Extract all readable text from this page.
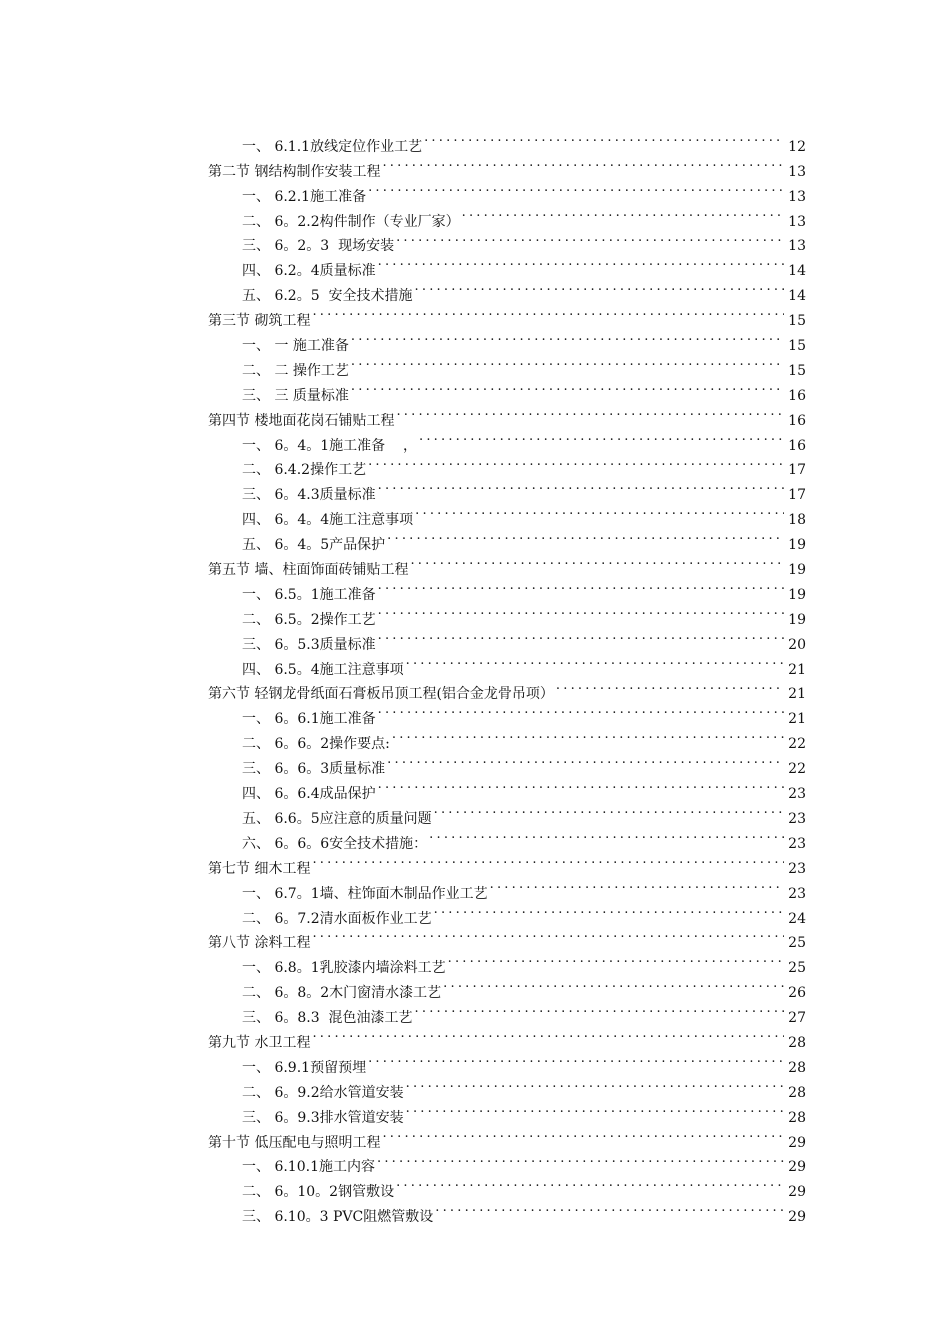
一、 6.1.1放线定位作业工艺 .....	12
第二节 钢结构制作安装工程 .....	13
一、 6.2.1施工准备 .....	13
二、 6。2.2构件制作（专业厂家） .....	13
三、 6。2。3  现场安装 .....	13
四、 6.2。4质量标准 .....	14
五、 6.2。5  安全技术措施 .....	14
第三节 砌筑工程 .....	15
一、 一 施工准备 .....	15
二、 二 操作工艺 .....	15
三、 三 质量标准 .....	16
第四节 楼地面花岗石铺贴工程 .....	16
一、 6。4。1施工准备    ， .....	16
二、 6.4.2操作工艺 .....	17
三、 6。4.3质量标准 .....	17
四、 6。4。4施工注意事项 .....	18
五、 6。4。5产品保护 .....	19
第五节 墙、柱面饰面砖铺贴工程 .....	19
一、 6.5。1施工准备 .....	19
二、 6.5。2操作工艺 .....	19
三、 6。5.3质量标准 .....	20
四、 6.5。4施工注意事项 .....	21
第六节 轻钢龙骨纸面石膏板吊顶工程(铝合金龙骨吊项） .....	21
一、 6。6.1施工准备 .....	21
二、 6。6。2操作要点: .....	22
三、 6。6。3质量标准 .....	22
四、 6。6.4成品保护 .....	23
五、 6.6。5应注意的质量问题 .....	23
六、 6。6。6安全技术措施： .....	23
第七节 细木工程 .....	23
一、 6.7。1墙、柱饰面木制品作业工艺 .....	23
二、 6。7.2清水面板作业工艺 .....	24
第八节 涂料工程 .....	25
一、 6.8。1乳胶漆内墙涂料工艺 .....	25
二、 6。8。2木门窗清水漆工艺 .....	26
三、 6。8.3  混色油漆工艺 .....	27
第九节 水卫工程 .....	28
一、 6.9.1预留预埋 .....	28
二、 6。9.2给水管道安装 .....	28
三、 6。9.3排水管道安装 .....	28
第十节 低压配电与照明工程 .....	29
一、 6.10.1施工内容 .....	29
二、 6。10。2钢管敷设 .....	29
三、 6.10。3 PVC阻燃管敷设 .....	29
